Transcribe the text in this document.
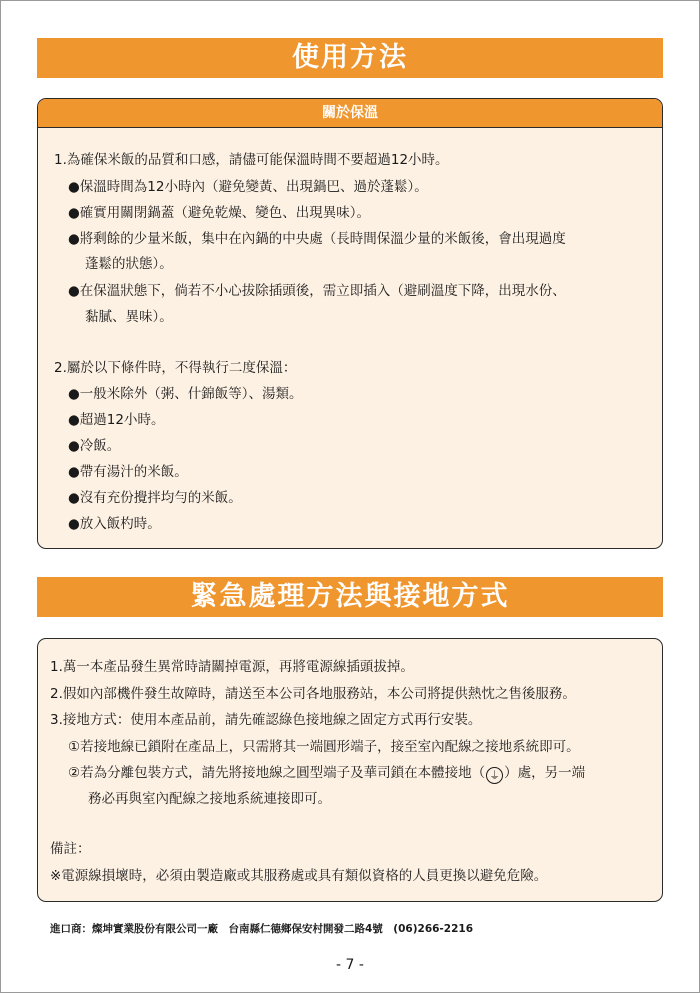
使用方法
關於保溫
1.為確保米飯的品質和口感，請儘可能保溫時間不要超過12小時。
●保溫時間為12小時內（避免變黃、出現鍋巴、過於蓬鬆）。
●確實用關閉鍋蓋（避免乾燥、變色、出現異味）。
●將剩餘的少量米飯，集中在內鍋的中央處（長時間保溫少量的米飯後，會出現過度
蓬鬆的狀態）。
●在保溫狀態下，倘若不小心拔除插頭後，需立即插入（避刷溫度下降，出現水份、
黏膩、異味）。
2.屬於以下條件時，不得執行二度保溫：
●一般米除外（粥、什錦飯等）、湯類。
●超過12小時。
●冷飯。
●帶有湯汁的米飯。
●沒有充份攪拌均勻的米飯。
●放入飯杓時。
緊急處理方法與接地方式
1.萬一本產品發生異常時請關掉電源，再將電源線插頭拔掉。
2.假如內部機件發生故障時，請送至本公司各地服務站，本公司將提供熱忱之售後服務。
3.接地方式：使用本產品前，請先確認綠色接地線之固定方式再行安裝。
①若接地線已鎖附在產品上，只需將其一端圓形端子，接至室內配線之接地系統即可。
②若為分離包裝方式，請先將接地線之圓型端子及華司鎖在本體接地（ ⏚ ）處，另一端
務必再與室內配線之接地系統連接即可。
備註：
※電源線損壞時，必須由製造廠或其服務處或具有類似資格的人員更換以避免危險。
進口商：燦坤實業股份有限公司一廠　台南縣仁德鄉保安村開發二路4號　(06)266-2216
- 7 -
